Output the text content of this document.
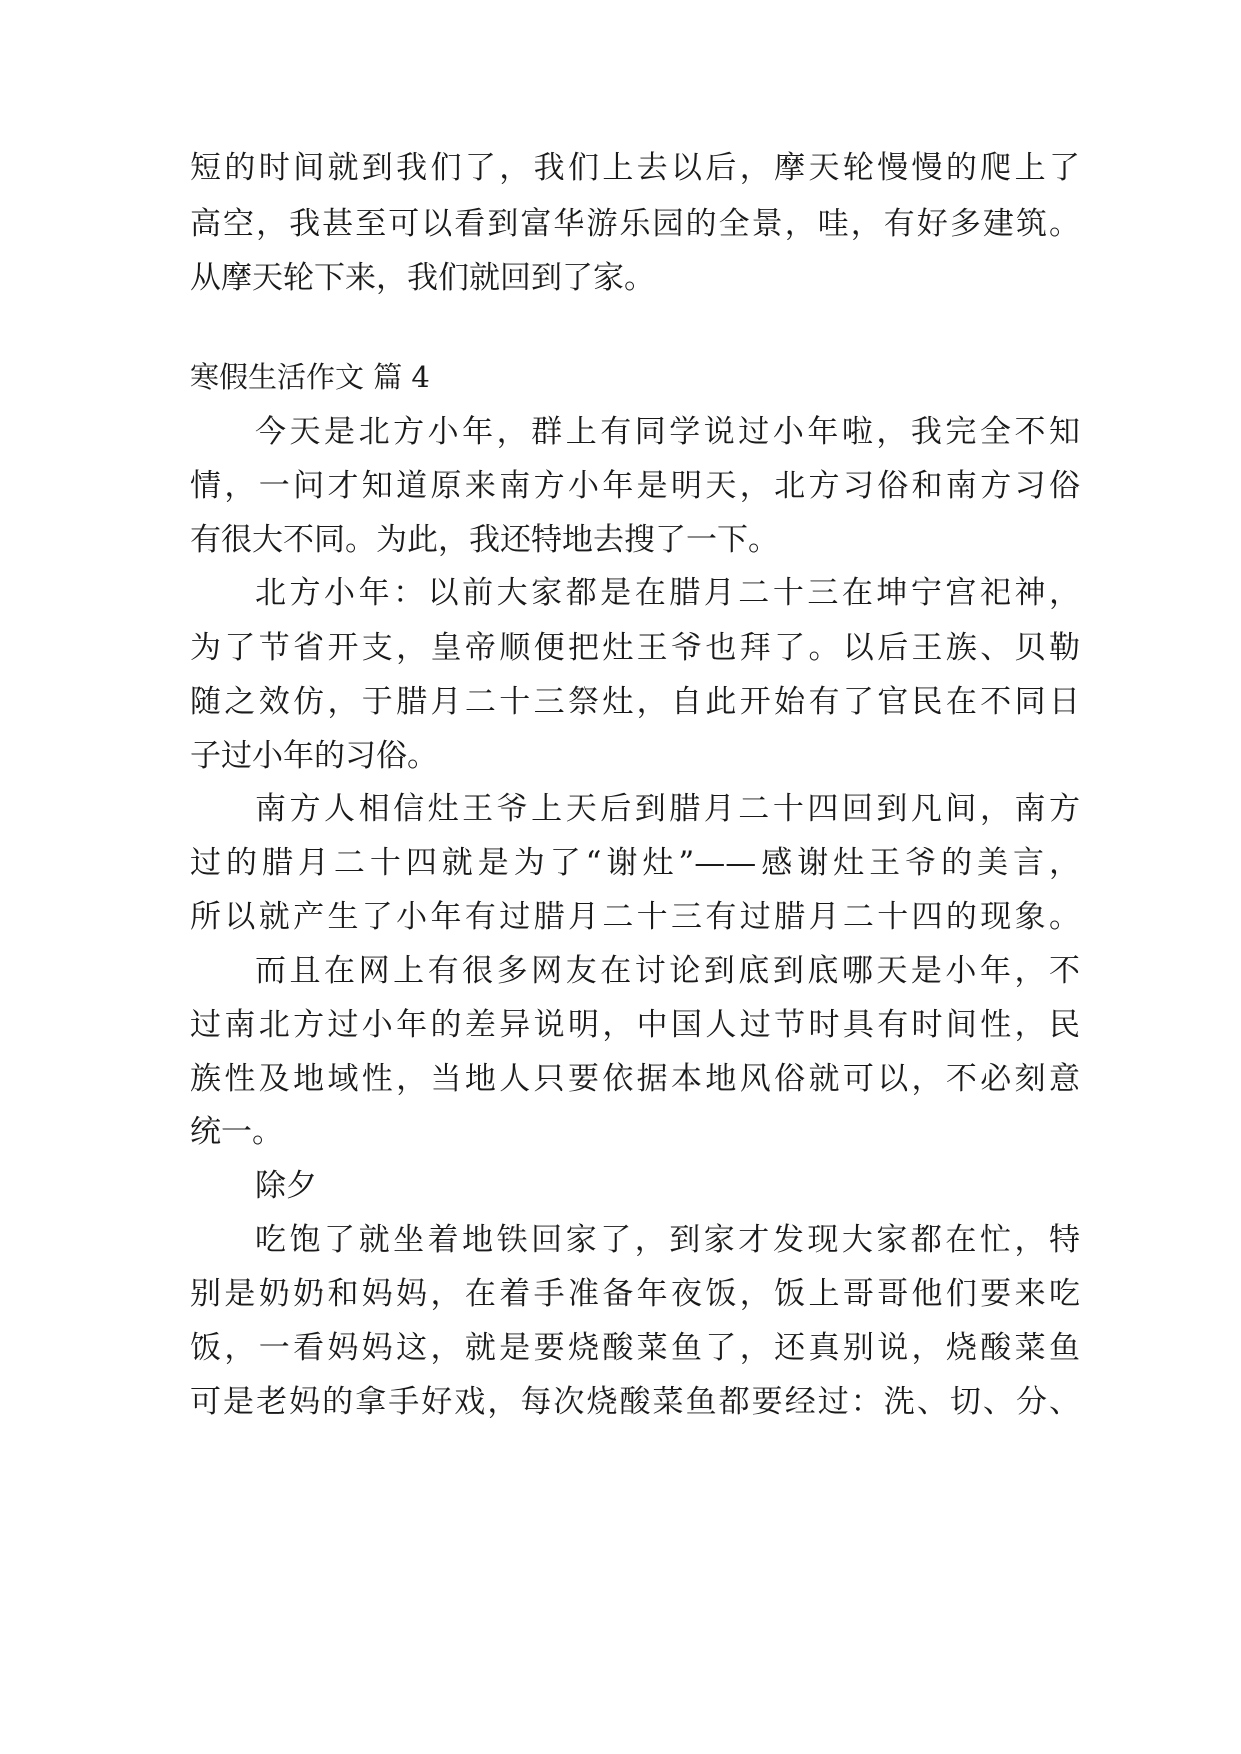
短的时间就到我们了，我们上去以后，摩天轮慢慢的爬上了
高空，我甚至可以看到富华游乐园的全景，哇，有好多建筑。
从摩天轮下来，我们就回到了家。
寒假生活作文 篇 4
今天是北方小年，群上有同学说过小年啦，我完全不知
情，一问才知道原来南方小年是明天，北方习俗和南方习俗
有很大不同。为此，我还特地去搜了一下。
北方小年：以前大家都是在腊月二十三在坤宁宫祀神，
为了节省开支，皇帝顺便把灶王爷也拜了。以后王族、贝勒
随之效仿，于腊月二十三祭灶，自此开始有了官民在不同日
子过小年的习俗。
南方人相信灶王爷上天后到腊月二十四回到凡间，南方
过的腊月二十四就是为了“谢灶”——感谢灶王爷的美言，
所以就产生了小年有过腊月二十三有过腊月二十四的现象。
而且在网上有很多网友在讨论到底到底哪天是小年，不
过南北方过小年的差异说明，中国人过节时具有时间性，民
族性及地域性，当地人只要依据本地风俗就可以，不必刻意
统一。
除夕
吃饱了就坐着地铁回家了，到家才发现大家都在忙，特
别是奶奶和妈妈，在着手准备年夜饭，饭上哥哥他们要来吃
饭，一看妈妈这，就是要烧酸菜鱼了，还真别说，烧酸菜鱼
可是老妈的拿手好戏，每次烧酸菜鱼都要经过：洗、切、分、
